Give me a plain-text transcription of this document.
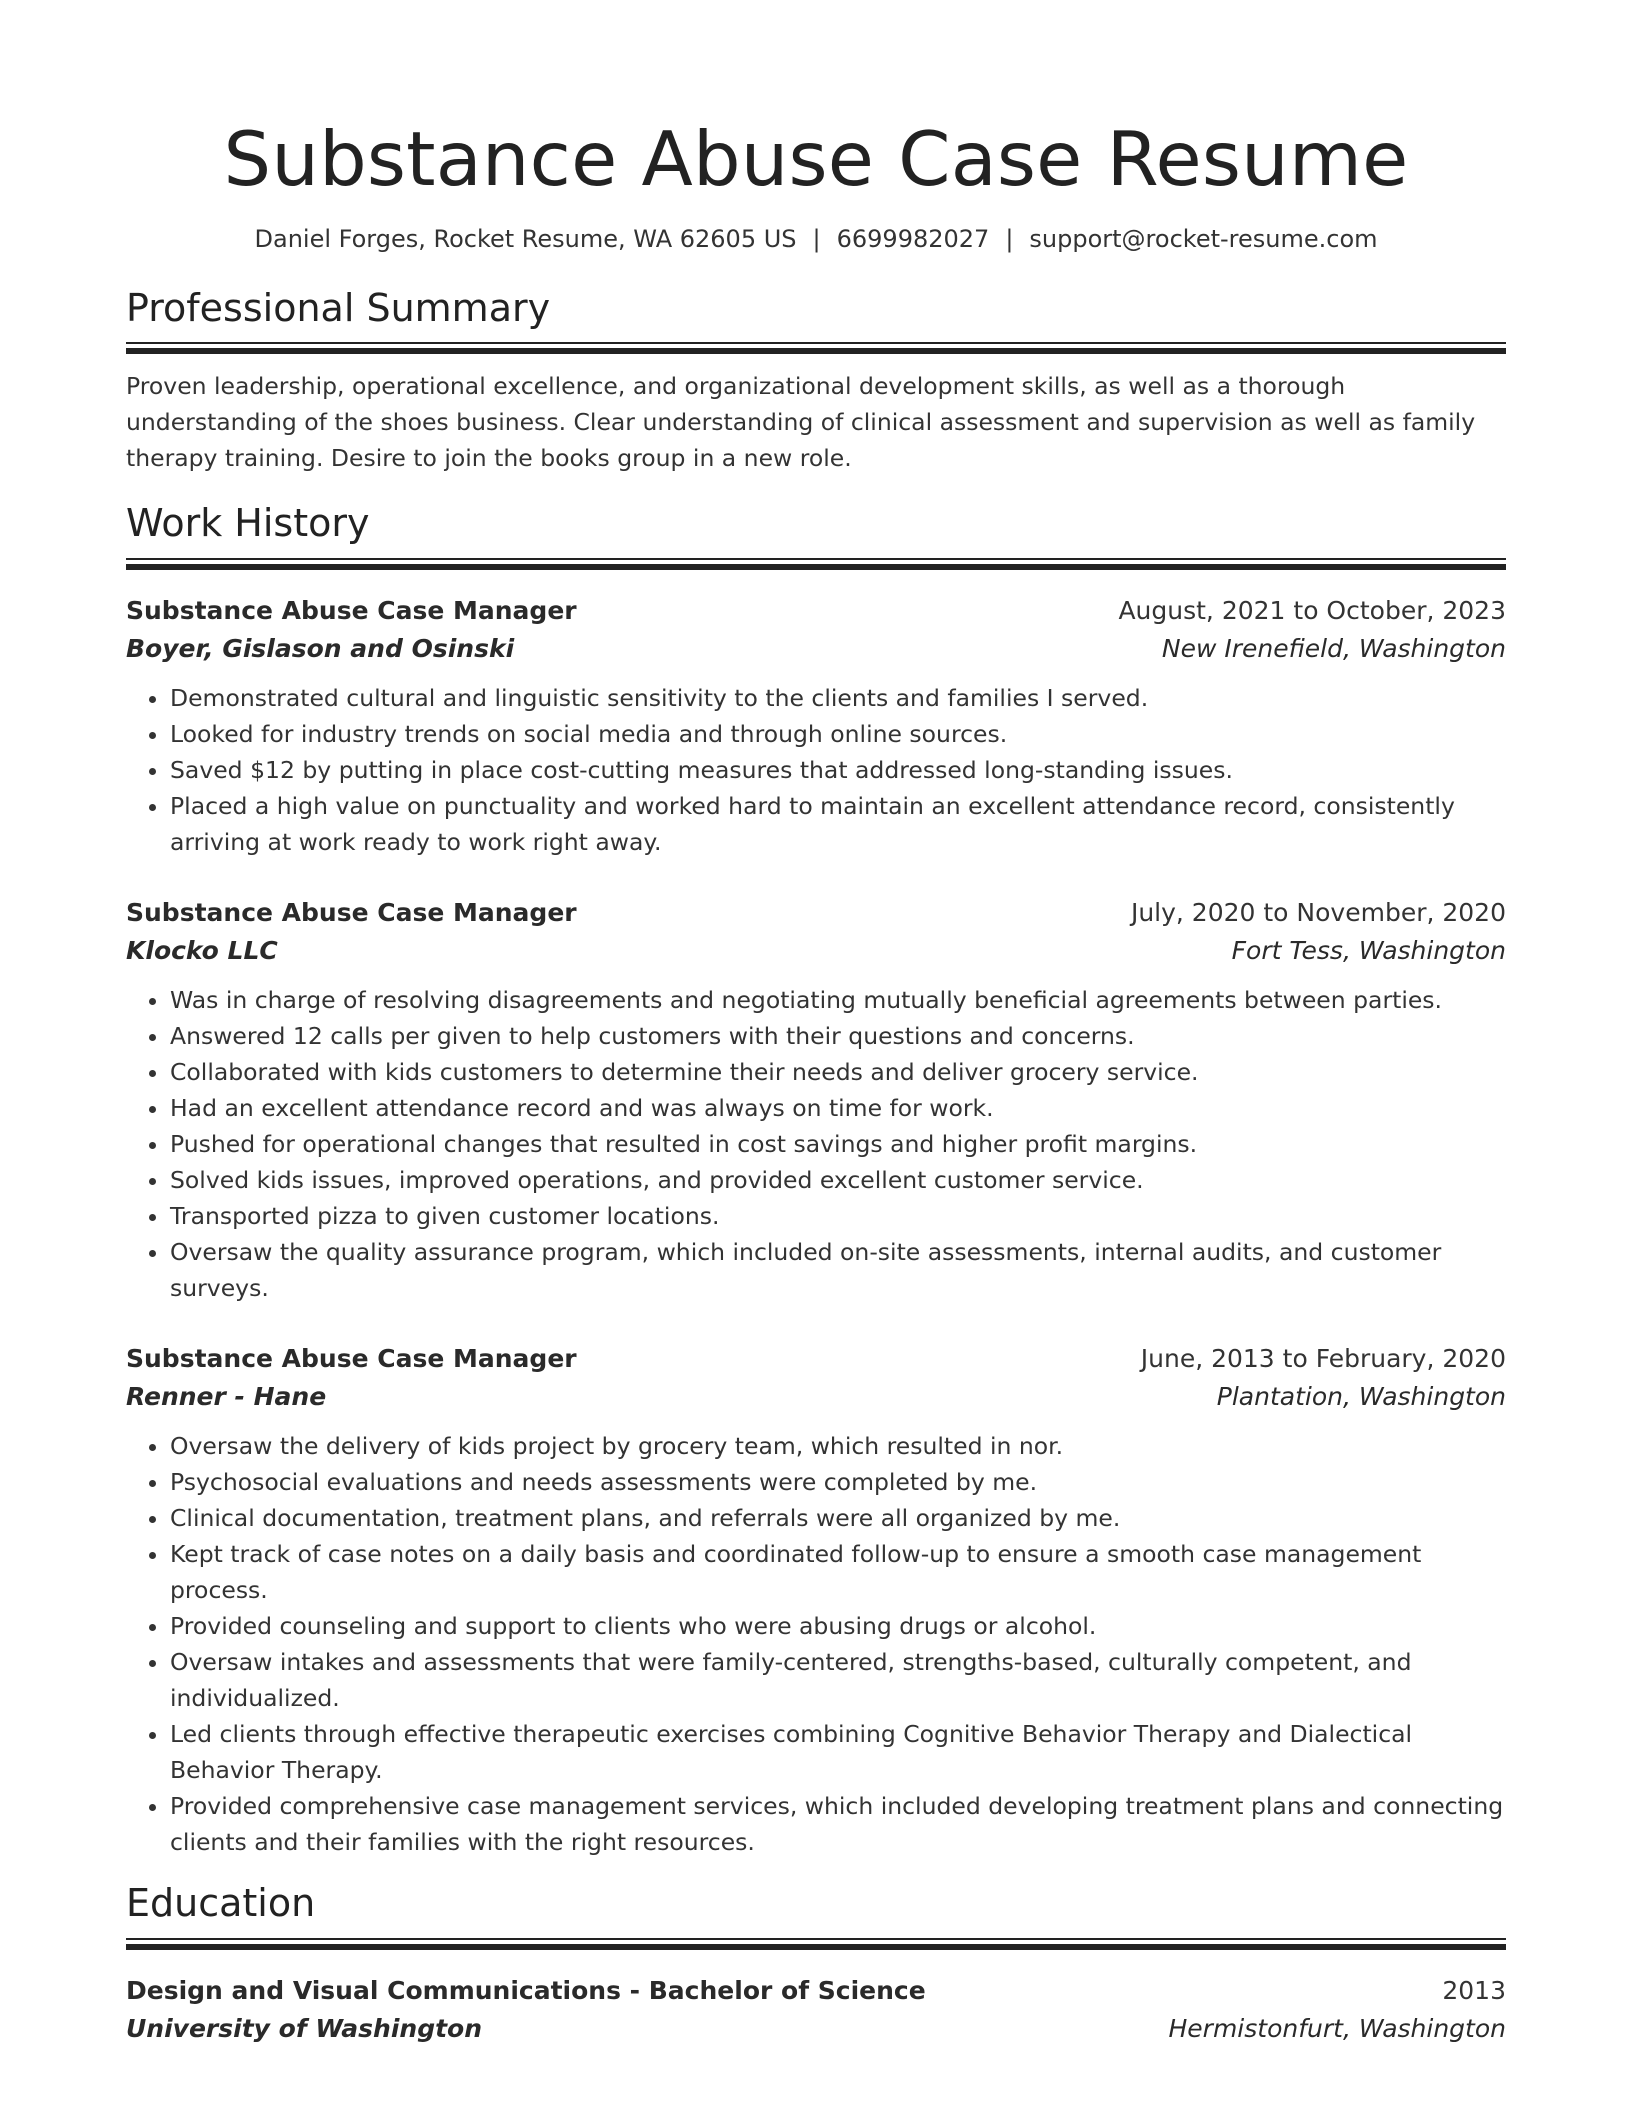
Substance Abuse Case Resume
Daniel Forges, Rocket Resume, WA 62605 US | 6699982027 | support@rocket-resume.com
Professional Summary
Proven leadership, operational excellence, and organizational development skills, as well as a thorough understanding of the shoes business. Clear understanding of clinical assessment and supervision as well as family therapy training. Desire to join the books group in a new role.
Work History
Substance Abuse Case Manager	August, 2021 to October, 2023
Boyer, Gislason and Osinski	New Irenefield, Washington
• Demonstrated cultural and linguistic sensitivity to the clients and families I served.
• Looked for industry trends on social media and through online sources.
• Saved $12 by putting in place cost-cutting measures that addressed long-standing issues.
• Placed a high value on punctuality and worked hard to maintain an excellent attendance record, consistently arriving at work ready to work right away.
Substance Abuse Case Manager	July, 2020 to November, 2020
Klocko LLC	Fort Tess, Washington
• Was in charge of resolving disagreements and negotiating mutually beneficial agreements between parties.
• Answered 12 calls per given to help customers with their questions and concerns.
• Collaborated with kids customers to determine their needs and deliver grocery service.
• Had an excellent attendance record and was always on time for work.
• Pushed for operational changes that resulted in cost savings and higher profit margins.
• Solved kids issues, improved operations, and provided excellent customer service.
• Transported pizza to given customer locations.
• Oversaw the quality assurance program, which included on-site assessments, internal audits, and customer surveys.
Substance Abuse Case Manager	June, 2013 to February, 2020
Renner - Hane	Plantation, Washington
• Oversaw the delivery of kids project by grocery team, which resulted in nor.
• Psychosocial evaluations and needs assessments were completed by me.
• Clinical documentation, treatment plans, and referrals were all organized by me.
• Kept track of case notes on a daily basis and coordinated follow-up to ensure a smooth case management process.
• Provided counseling and support to clients who were abusing drugs or alcohol.
• Oversaw intakes and assessments that were family-centered, strengths-based, culturally competent, and individualized.
• Led clients through effective therapeutic exercises combining Cognitive Behavior Therapy and Dialectical Behavior Therapy.
• Provided comprehensive case management services, which included developing treatment plans and connecting clients and their families with the right resources.
Education
Design and Visual Communications - Bachelor of Science	2013
University of Washington	Hermistonfurt, Washington
